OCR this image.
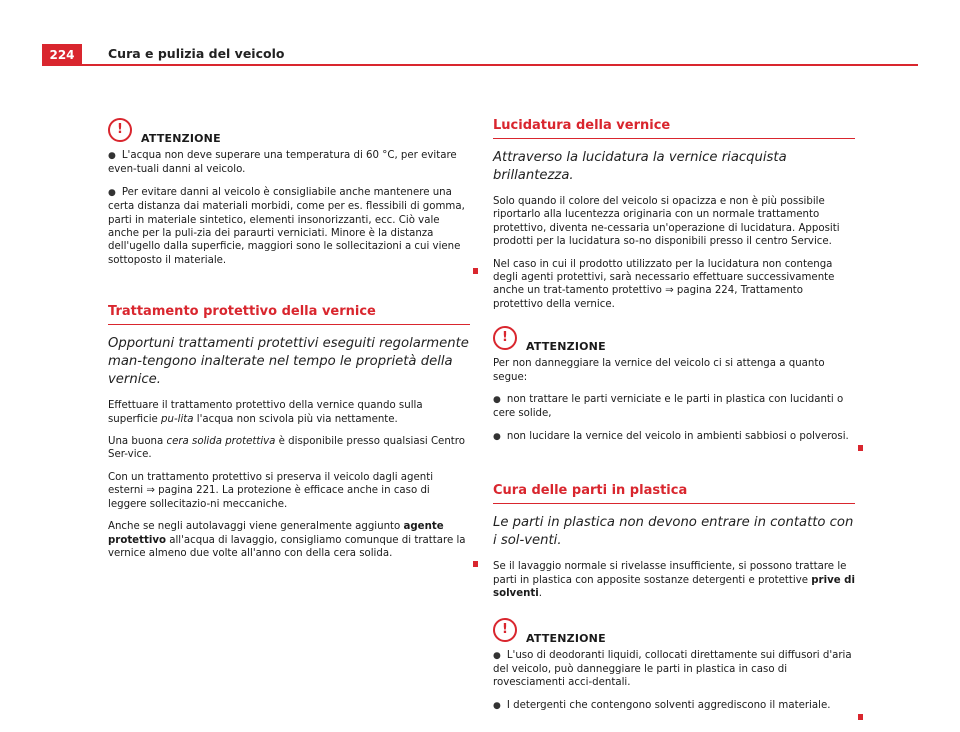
224	Cura e pulizia del veicolo
!
ATTENZIONE

● L'acqua non deve superare una temperatura di 60 °C, per evitare even-tuali danni al veicolo.

● Per evitare danni al veicolo è consigliabile anche mantenere una certa distanza dai materiali morbidi, come per es. flessibili di gomma, parti in materiale sintetico, elementi insonorizzanti, ecc. Ciò vale anche per la puli-zia dei paraurti verniciati. Minore è la distanza dell'ugello dalla superficie, maggiori sono le sollecitazioni a cui viene sottoposto il materiale.

Trattamento protettivo della vernice
Opportuni trattamenti protettivi eseguiti regolarmente man-tengono inalterate nel tempo le proprietà della vernice.

Effettuare il trattamento protettivo della vernice quando sulla superficie pu-lita l'acqua non scivola più via nettamente.

Una buona cera solida protettiva è disponibile presso qualsiasi Centro Ser-vice.

Con un trattamento protettivo si preserva il veicolo dagli agenti esterni ⇒ pagina 221. La protezione è efficace anche in caso di leggere sollecitazio-ni meccaniche.

Anche se negli autolavaggi viene generalmente aggiunto agente protettivo all'acqua di lavaggio, consigliamo comunque di trattare la vernice almeno due volte all'anno con della cera solida.

Lucidatura della vernice
Attraverso la lucidatura la vernice riacquista brillantezza.

Solo quando il colore del veicolo si opacizza e non è più possibile riportarlo alla lucentezza originaria con un normale trattamento protettivo, diventa ne-cessaria un'operazione di lucidatura. Appositi prodotti per la lucidatura so-no disponibili presso il centro Service.

Nel caso in cui il prodotto utilizzato per la lucidatura non contenga degli agenti protettivi, sarà necessario effettuare successivamente anche un trat-tamento protettivo ⇒ pagina 224, Trattamento protettivo della vernice.

!
ATTENZIONE

Per non danneggiare la vernice del veicolo ci si attenga a quanto segue:

● non trattare le parti verniciate e le parti in plastica con lucidanti o cere solide,

● non lucidare la vernice del veicolo in ambienti sabbiosi o polverosi.

Cura delle parti in plastica
Le parti in plastica non devono entrare in contatto con i sol-venti.

Se il lavaggio normale si rivelasse insufficiente, si possono trattare le parti in plastica con apposite sostanze detergenti e protettive prive di solventi.

!
ATTENZIONE

● L'uso di deodoranti liquidi, collocati direttamente sui diffusori d'aria del veicolo, può danneggiare le parti in plastica in caso di rovesciamenti acci-dentali.

● I detergenti che contengono solventi aggrediscono il materiale.
